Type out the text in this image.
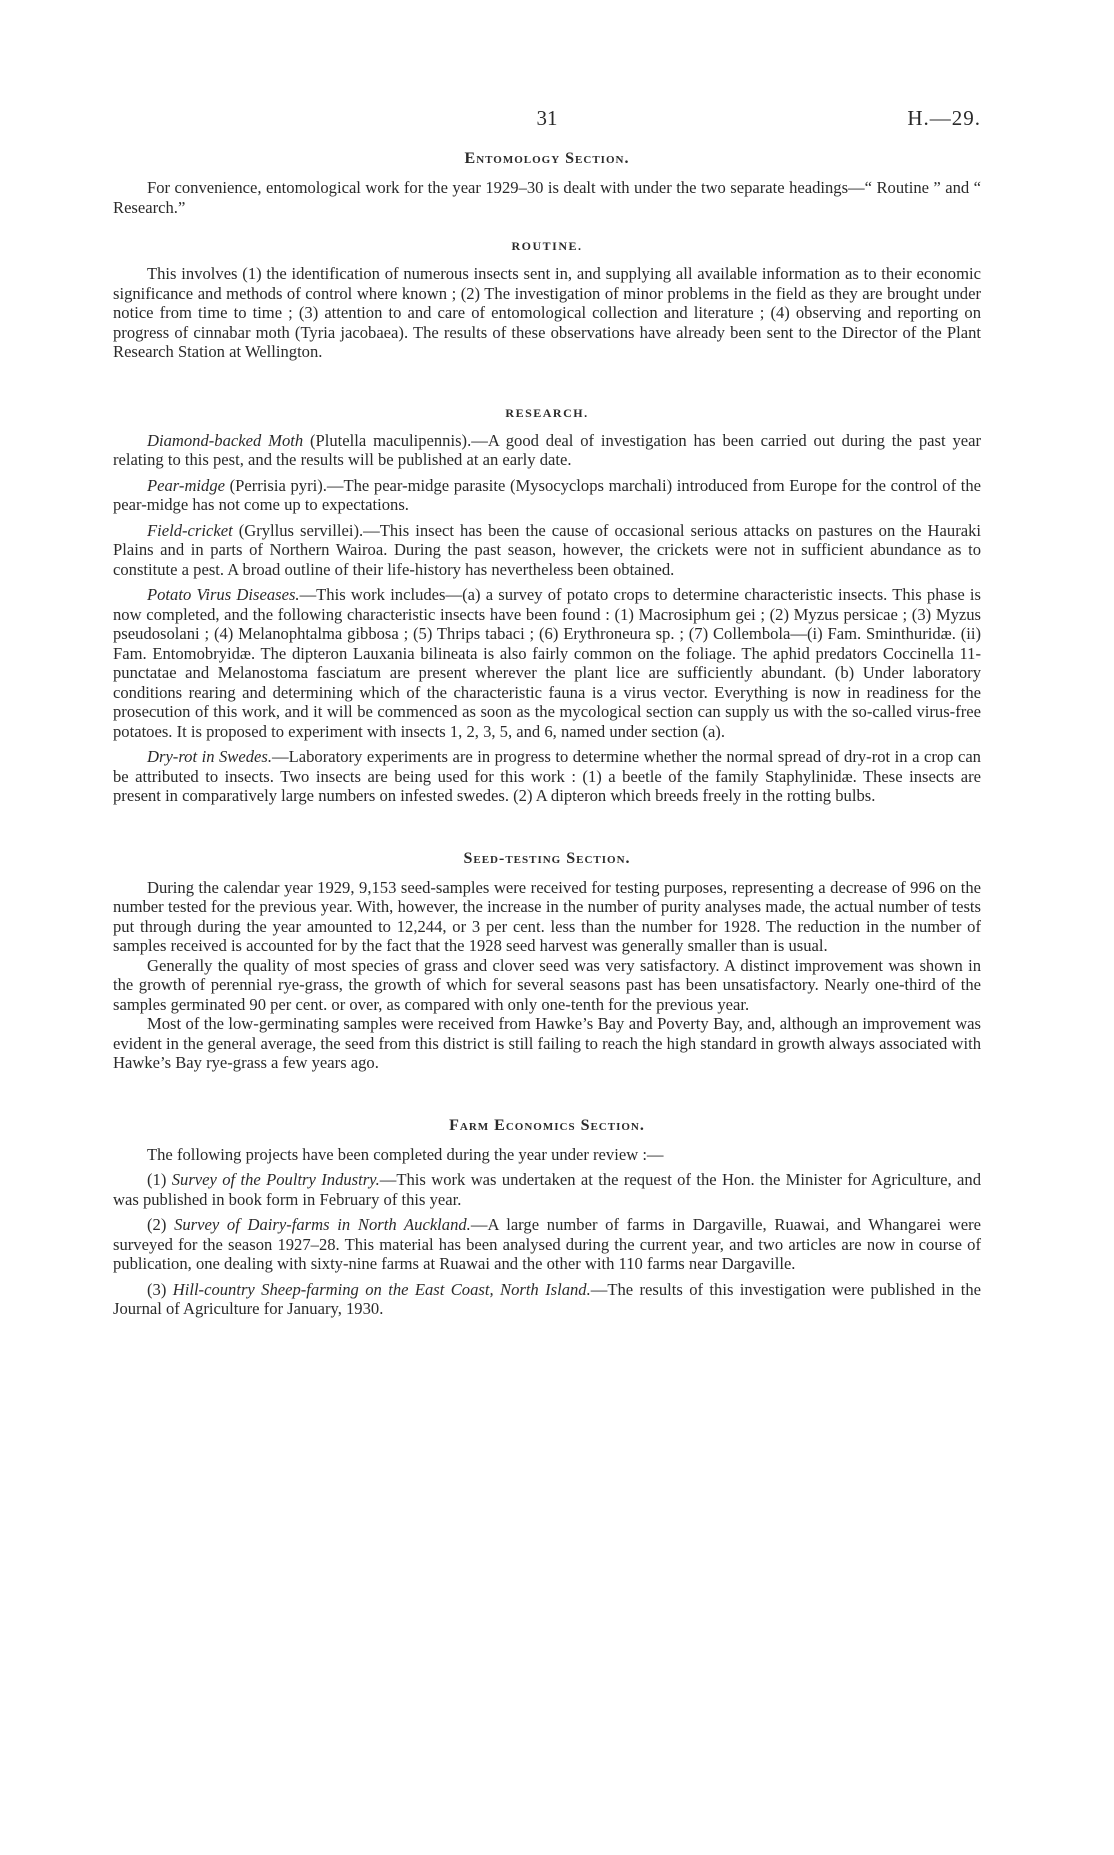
31	H.—29.
Entomology Section.

For convenience, entomological work for the year 1929–30 is dealt with under the two separate headings—“ Routine ” and “ Research.”

ROUTINE.

This involves (1) the identification of numerous insects sent in, and supplying all available information as to their economic significance and methods of control where known ; (2) The investigation of minor problems in the field as they are brought under notice from time to time ; (3) attention to and care of entomological collection and literature ; (4) observing and reporting on progress of cinnabar moth (Tyria jacobaea). The results of these observations have already been sent to the Director of the Plant Research Station at Wellington.

RESEARCH.

Diamond-backed Moth (Plutella maculipennis).—A good deal of investigation has been carried out during the past year relating to this pest, and the results will be published at an early date.

Pear-midge (Perrisia pyri).—The pear-midge parasite (Mysocyclops marchali) introduced from Europe for the control of the pear-midge has not come up to expectations.

Field-cricket (Gryllus servillei).—This insect has been the cause of occasional serious attacks on pastures on the Hauraki Plains and in parts of Northern Wairoa. During the past season, however, the crickets were not in sufficient abundance as to constitute a pest. A broad outline of their life-history has nevertheless been obtained.

Potato Virus Diseases.—This work includes—(a) a survey of potato crops to determine characteristic insects. This phase is now completed, and the following characteristic insects have been found : (1) Macrosiphum gei ; (2) Myzus persicae ; (3) Myzus pseudosolani ; (4) Melanophtalma gibbosa ; (5) Thrips tabaci ; (6) Erythroneura sp. ; (7) Collembola—(i) Fam. Sminthuridæ. (ii) Fam. Entomobryidæ. The dipteron Lauxania bilineata is also fairly common on the foliage. The aphid predators Coccinella 11-punctatae and Melanostoma fasciatum are present wherever the plant lice are sufficiently abundant. (b) Under laboratory conditions rearing and determining which of the characteristic fauna is a virus vector. Everything is now in readiness for the prosecution of this work, and it will be commenced as soon as the mycological section can supply us with the so-called virus-free potatoes. It is proposed to experiment with insects 1, 2, 3, 5, and 6, named under section (a).

Dry-rot in Swedes.—Laboratory experiments are in progress to determine whether the normal spread of dry-rot in a crop can be attributed to insects. Two insects are being used for this work : (1) a beetle of the family Staphylinidæ. These insects are present in comparatively large numbers on infested swedes. (2) A dipteron which breeds freely in the rotting bulbs.

Seed-testing Section.

During the calendar year 1929, 9,153 seed-samples were received for testing purposes, representing a decrease of 996 on the number tested for the previous year. With, however, the increase in the number of purity analyses made, the actual number of tests put through during the year amounted to 12,244, or 3 per cent. less than the number for 1928. The reduction in the number of samples received is accounted for by the fact that the 1928 seed harvest was generally smaller than is usual.

Generally the quality of most species of grass and clover seed was very satisfactory. A distinct improvement was shown in the growth of perennial rye-grass, the growth of which for several seasons past has been unsatisfactory. Nearly one-third of the samples germinated 90 per cent. or over, as compared with only one-tenth for the previous year.

Most of the low-germinating samples were received from Hawke’s Bay and Poverty Bay, and, although an improvement was evident in the general average, the seed from this district is still failing to reach the high standard in growth always associated with Hawke’s Bay rye-grass a few years ago.

Farm Economics Section.

The following projects have been completed during the year under review :—

(1) Survey of the Poultry Industry.—This work was undertaken at the request of the Hon. the Minister for Agriculture, and was published in book form in February of this year.

(2) Survey of Dairy-farms in North Auckland.—A large number of farms in Dargaville, Ruawai, and Whangarei were surveyed for the season 1927–28. This material has been analysed during the current year, and two articles are now in course of publication, one dealing with sixty-nine farms at Ruawai and the other with 110 farms near Dargaville.

(3) Hill-country Sheep-farming on the East Coast, North Island.—The results of this investigation were published in the Journal of Agriculture for January, 1930.
